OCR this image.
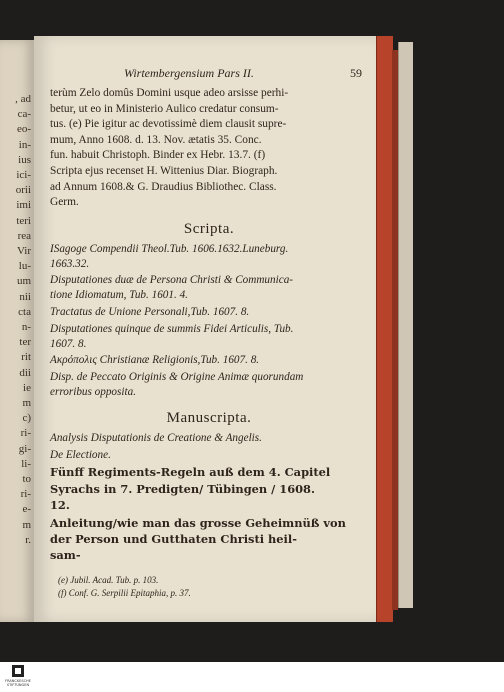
, ad
ca-
eo-
in-
ius
ici-
orii
imi
teri
rea
Vir
lu-
um
nii
cta
n-
ter
rit
dii
ie
m
c)
ri-
gi-
li-
to
ri-
e-
m
r.
Wirtembergensium Pars II.	59
terùm Zelo domûs Domini usque adeo arsisse perhi-
betur, ut eo in Ministerio Aulico credatur consum-
tus. (e) Pie igitur ac devotissimè diem clausit supre-
mum, Anno 1608. d. 13. Nov. ætatis 35. Conc.
fun. habuit Christoph. Binder ex Hebr. 13.7. (f)
Scripta ejus recenset H. Wittenius Diar. Biograph.
ad Annum 1608.& G. Draudius Bibliothec. Class.
Germ.
Scripta.
ISagoge Compendii Theol.Tub. 1606.1632.Luneburg.
1663.32.
Disputationes duæ de Persona Christi & Communica-
tione Idiomatum, Tub. 1601. 4.
Tractatus de Unione Personali,Tub. 1607. 8.
Disputationes quinque de summis Fidei Articulis, Tub.
1607. 8.
Ακρόπολις Christianæ Religionis,Tub. 1607. 8.
Disp. de Peccato Originis & Origine Animæ quorundam
erroribus opposita.
Manuscripta.
Analysis Disputationis de Creatione & Angelis.
De Electione.
Fünff Regiments-Regeln auß dem 4. Capitel
Syrachs in 7. Predigten/ Tübingen / 1608.
12.
Anleitung/wie man das grosse Geheimnüß von
der Person und Gutthaten Christi heil-
sam-
(e) Jubil. Acad. Tub. p. 103.
(f) Conf. G. Serpilii Epitaphia, p. 37.
FRANCKESCHE STIFTUNGEN
